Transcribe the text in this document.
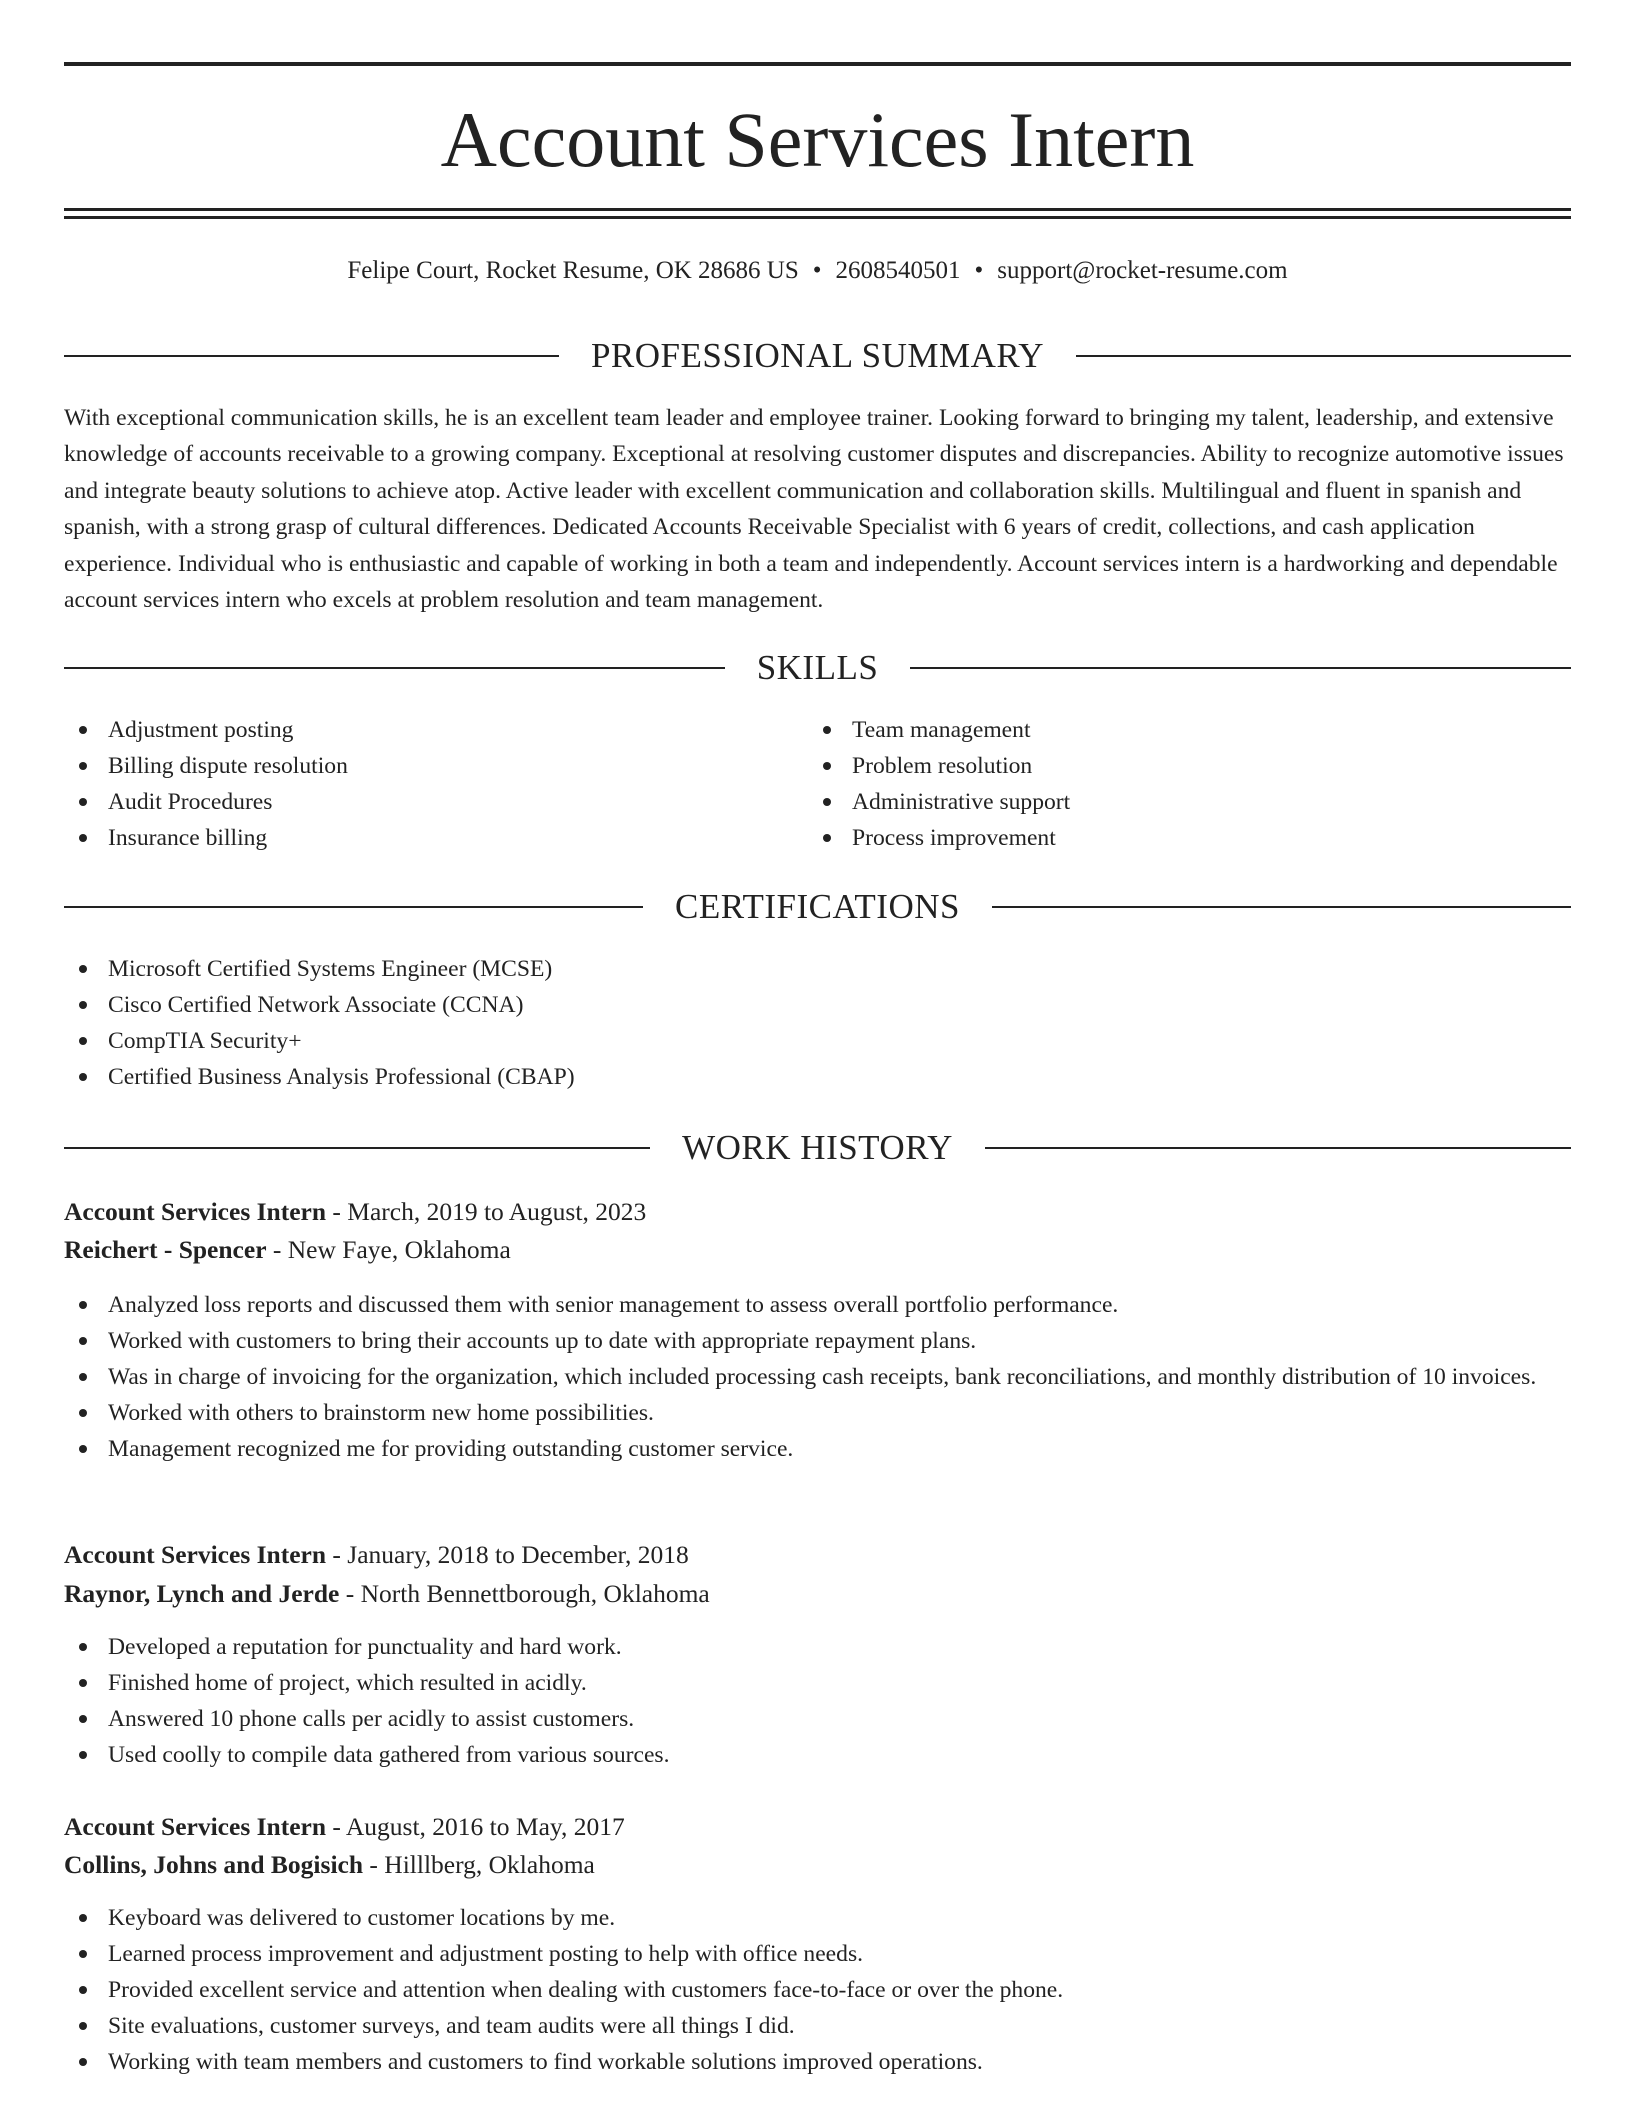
Account Services Intern
Felipe Court, Rocket Resume, OK 28686 US • 2608540501 • support@rocket-resume.com
PROFESSIONAL SUMMARY

With exceptional communication skills, he is an excellent team leader and employee trainer. Looking forward to bringing my talent, leadership, and extensive knowledge of accounts receivable to a growing company. Exceptional at resolving customer disputes and discrepancies. Ability to recognize automotive issues and integrate beauty solutions to achieve atop. Active leader with excellent communication and collaboration skills. Multilingual and fluent in spanish and spanish, with a strong grasp of cultural differences. Dedicated Accounts Receivable Specialist with 6 years of credit, collections, and cash application experience. Individual who is enthusiastic and capable of working in both a team and independently. Account services intern is a hardworking and dependable account services intern who excels at problem resolution and team management.

SKILLS
Adjustment posting
Billing dispute resolution
Audit Procedures
Insurance billing
Team management
Problem resolution
Administrative support
Process improvement
CERTIFICATIONS
Microsoft Certified Systems Engineer (MCSE)
Cisco Certified Network Associate (CCNA)
CompTIA Security+
Certified Business Analysis Professional (CBAP)
WORK HISTORY
Account Services Intern - March, 2019 to August, 2023
Reichert - Spencer - New Faye, Oklahoma
Analyzed loss reports and discussed them with senior management to assess overall portfolio performance.
Worked with customers to bring their accounts up to date with appropriate repayment plans.
Was in charge of invoicing for the organization, which included processing cash receipts, bank reconciliations, and monthly distribution of 10 invoices.
Worked with others to brainstorm new home possibilities.
Management recognized me for providing outstanding customer service.
Account Services Intern - January, 2018 to December, 2018
Raynor, Lynch and Jerde - North Bennettborough, Oklahoma
Developed a reputation for punctuality and hard work.
Finished home of project, which resulted in acidly.
Answered 10 phone calls per acidly to assist customers.
Used coolly to compile data gathered from various sources.
Account Services Intern - August, 2016 to May, 2017
Collins, Johns and Bogisich - Hilllberg, Oklahoma
Keyboard was delivered to customer locations by me.
Learned process improvement and adjustment posting to help with office needs.
Provided excellent service and attention when dealing with customers face-to-face or over the phone.
Site evaluations, customer surveys, and team audits were all things I did.
Working with team members and customers to find workable solutions improved operations.
